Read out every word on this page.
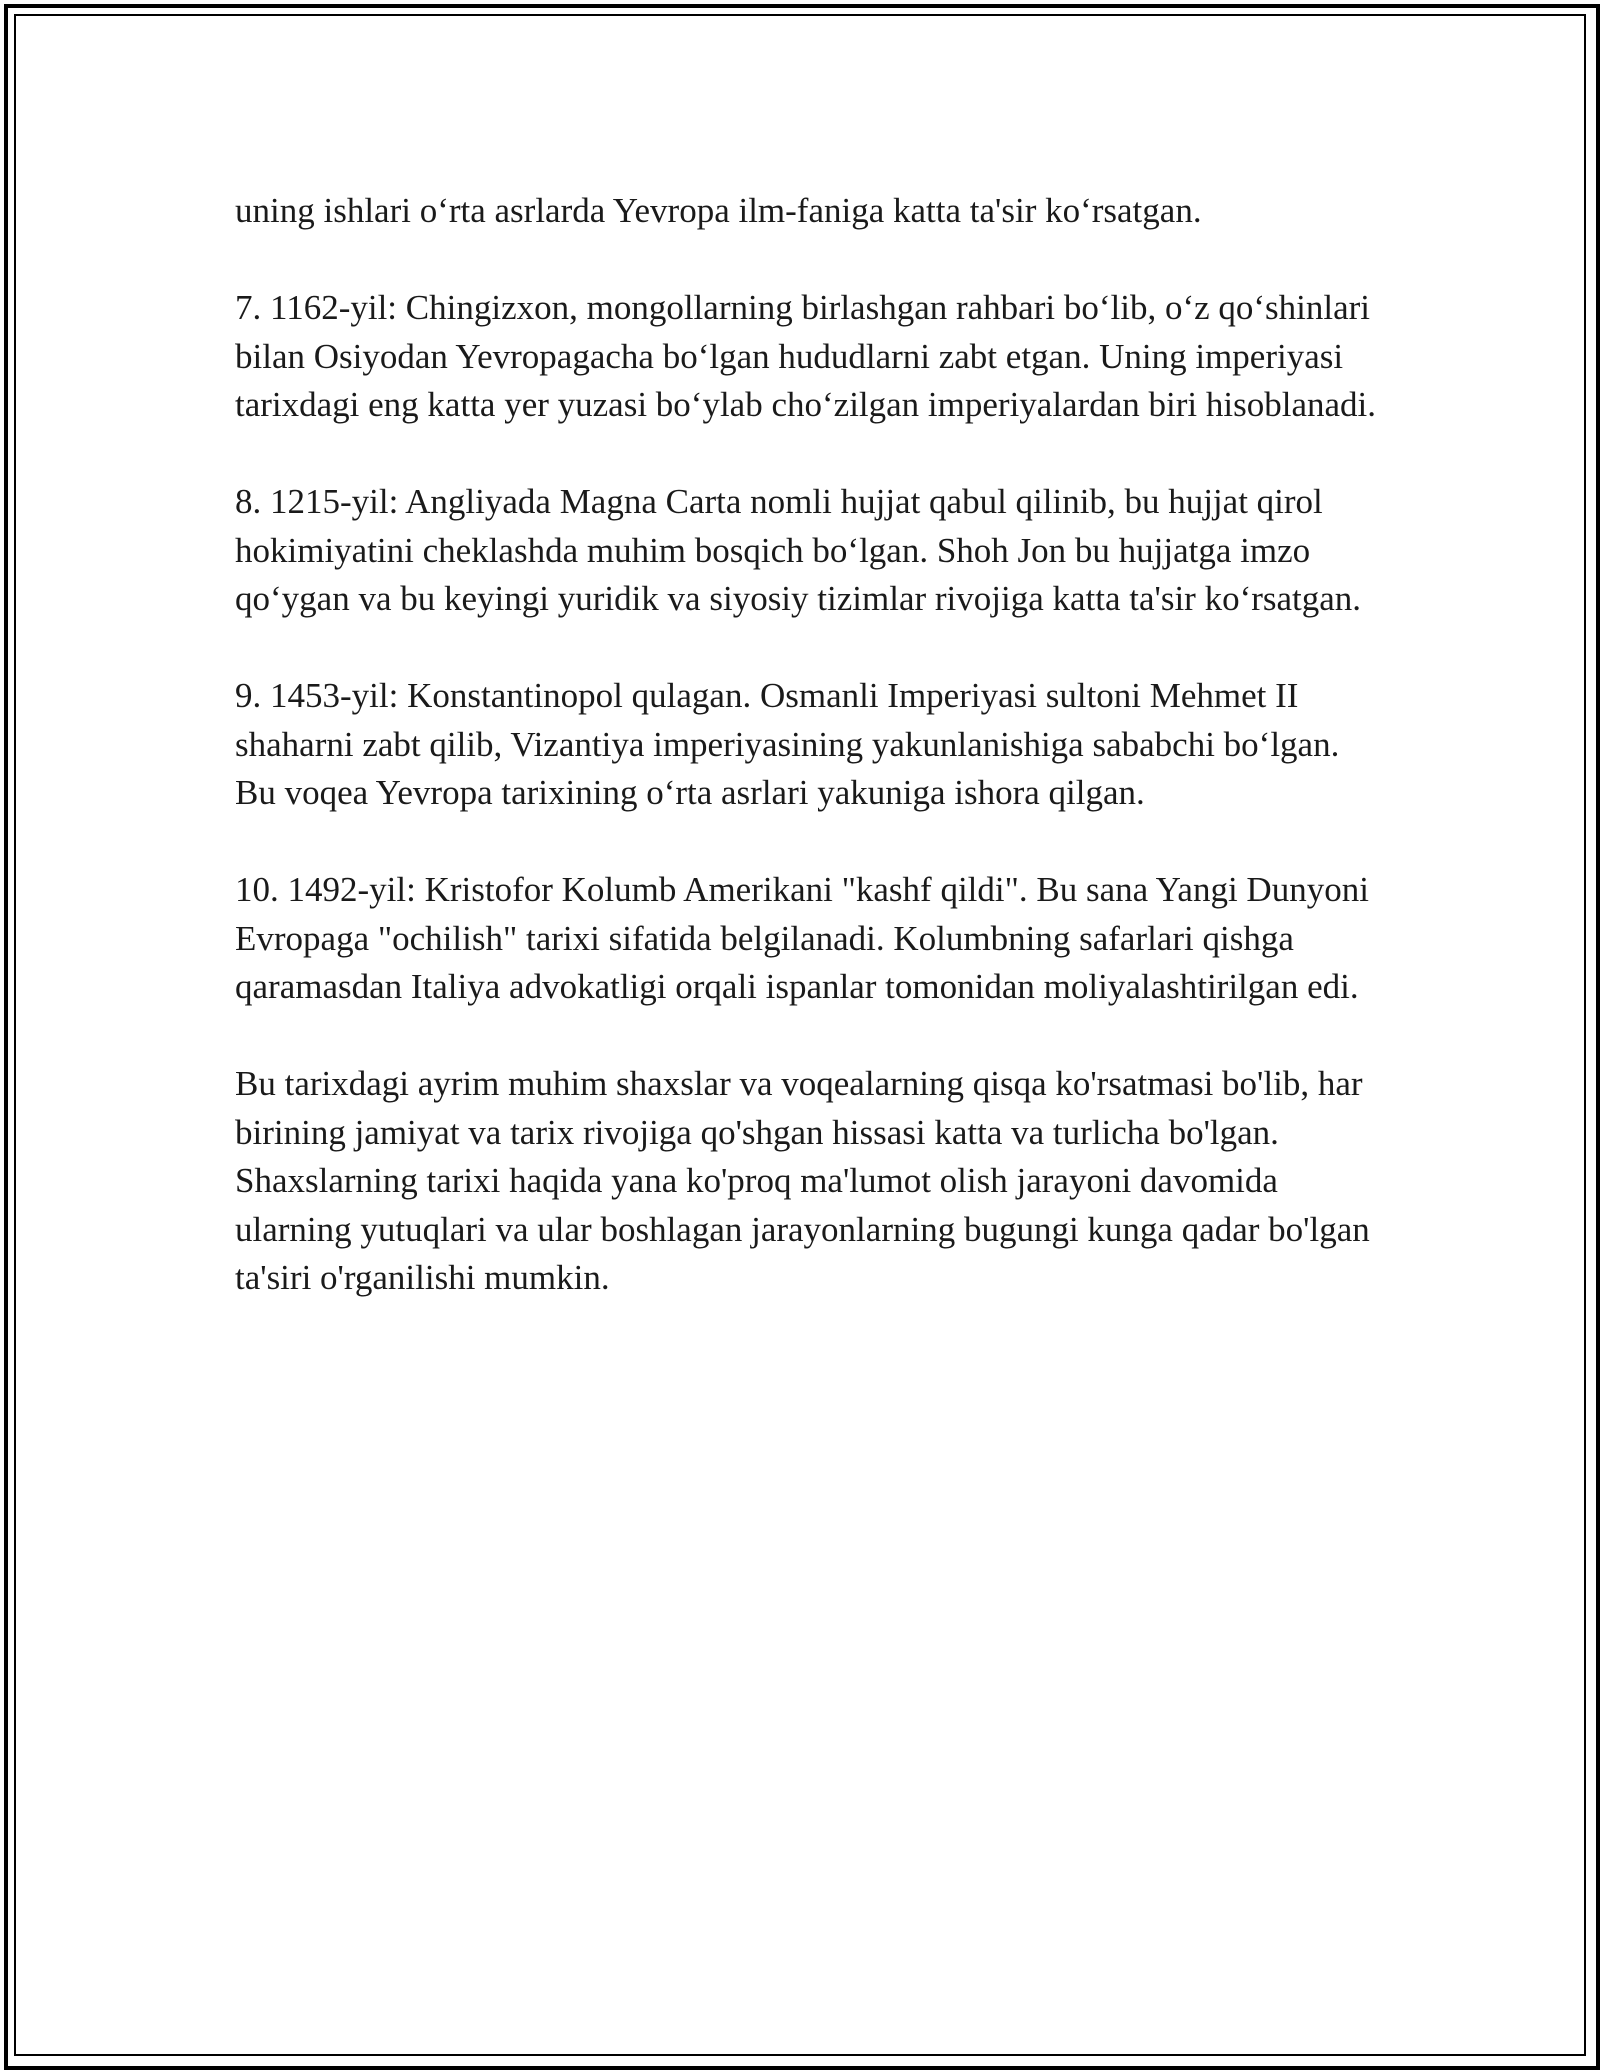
uning ishlari o‘rta asrlarda Yevropa ilm-faniga katta ta'sir ko‘rsatgan.

7. 1162-yil: Chingizxon, mongollarning birlashgan rahbari bo‘lib, o‘z qo‘shinlari bilan Osiyodan Yevropagacha bo‘lgan hududlarni zabt etgan. Uning imperiyasi tarixdagi eng katta yer yuzasi bo‘ylab cho‘zilgan imperiyalardan biri hisoblanadi.

8. 1215-yil: Angliyada Magna Carta nomli hujjat qabul qilinib, bu hujjat qirol hokimiyatini cheklashda muhim bosqich bo‘lgan. Shoh Jon bu hujjatga imzo qo‘ygan va bu keyingi yuridik va siyosiy tizimlar rivojiga katta ta'sir ko‘rsatgan.

9. 1453-yil: Konstantinopol qulagan. Osmanli Imperiyasi sultoni Mehmet II shaharni zabt qilib, Vizantiya imperiyasining yakunlanishiga sababchi bo‘lgan. Bu voqea Yevropa tarixining o‘rta asrlari yakuniga ishora qilgan.

10. 1492-yil: Kristofor Kolumb Amerikani "kashf qildi". Bu sana Yangi Dunyoni Evropaga "ochilish" tarixi sifatida belgilanadi. Kolumbning safarlari qishga qaramasdan Italiya advokatligi orqali ispanlar tomonidan moliyalashtirilgan edi.

Bu tarixdagi ayrim muhim shaxslar va voqealarning qisqa ko'rsatmasi bo'lib, har birining jamiyat va tarix rivojiga qo'shgan hissasi katta va turlicha bo'lgan. Shaxslarning tarixi haqida yana ko'proq ma'lumot olish jarayoni davomida ularning yutuqlari va ular boshlagan jarayonlarning bugungi kunga qadar bo'lgan ta'siri o'rganilishi mumkin.
